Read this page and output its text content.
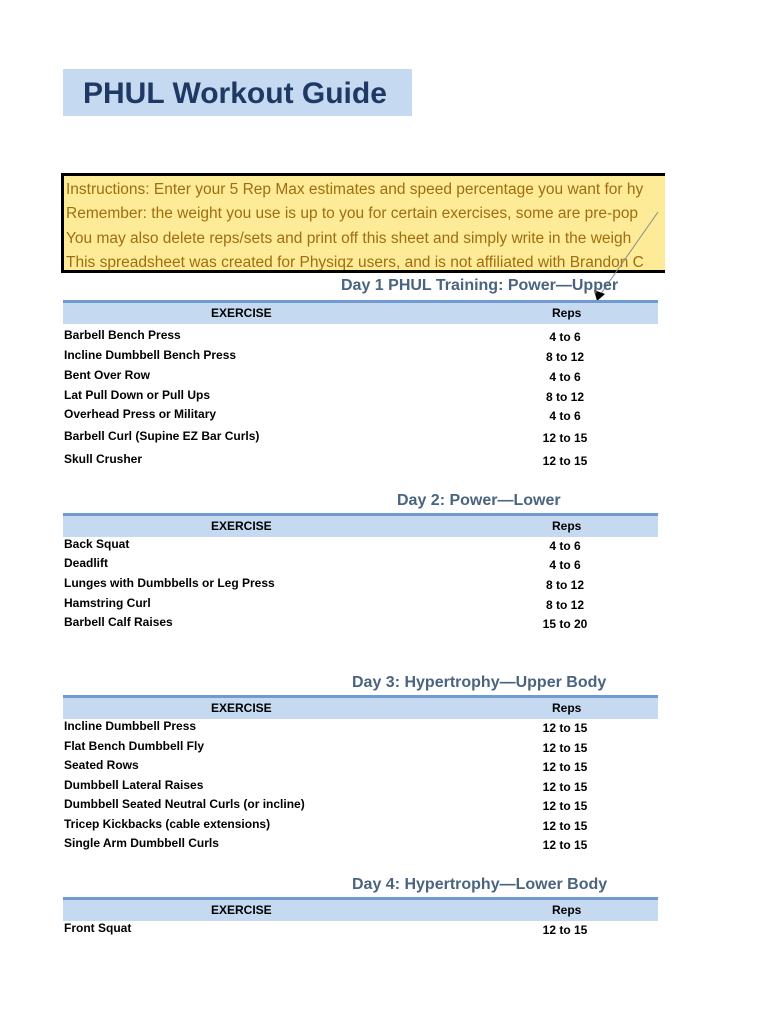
PHUL Workout Guide
Instructions: Enter your 5 Rep Max estimates and speed percentage you want for hy
Remember: the weight you use is up to you for certain exercises, some are pre-pop
You may also delete reps/sets and print off this sheet and simply write in the weigh
This spreadsheet was created for Physiqz users, and is not affiliated with Brandon C
Day 1 PHUL Training: Power—Upper
EXERCISE	Reps
Barbell Bench Press	4 to 6
Incline Dumbbell Bench Press	8 to 12
Bent Over Row	4 to 6
Lat Pull Down or Pull Ups	8 to 12
Overhead Press or Military	4 to 6
Barbell Curl (Supine EZ Bar Curls)	12 to 15
Skull Crusher	12 to 15
Day 2: Power—Lower
EXERCISE	Reps
Back Squat	4 to 6
Deadlift	4 to 6
Lunges with Dumbbells or Leg Press	8 to 12
Hamstring Curl	8 to 12
Barbell Calf Raises	15 to 20
Day 3: Hypertrophy—Upper Body
EXERCISE	Reps
Incline Dumbbell Press	12 to 15
Flat Bench Dumbbell Fly	12 to 15
Seated Rows	12 to 15
Dumbbell Lateral Raises	12 to 15
Dumbbell Seated Neutral Curls (or incline)	12 to 15
Tricep Kickbacks (cable extensions)	12 to 15
Single Arm Dumbbell Curls	12 to 15
Day 4: Hypertrophy—Lower Body
EXERCISE	Reps
Front Squat	12 to 15
